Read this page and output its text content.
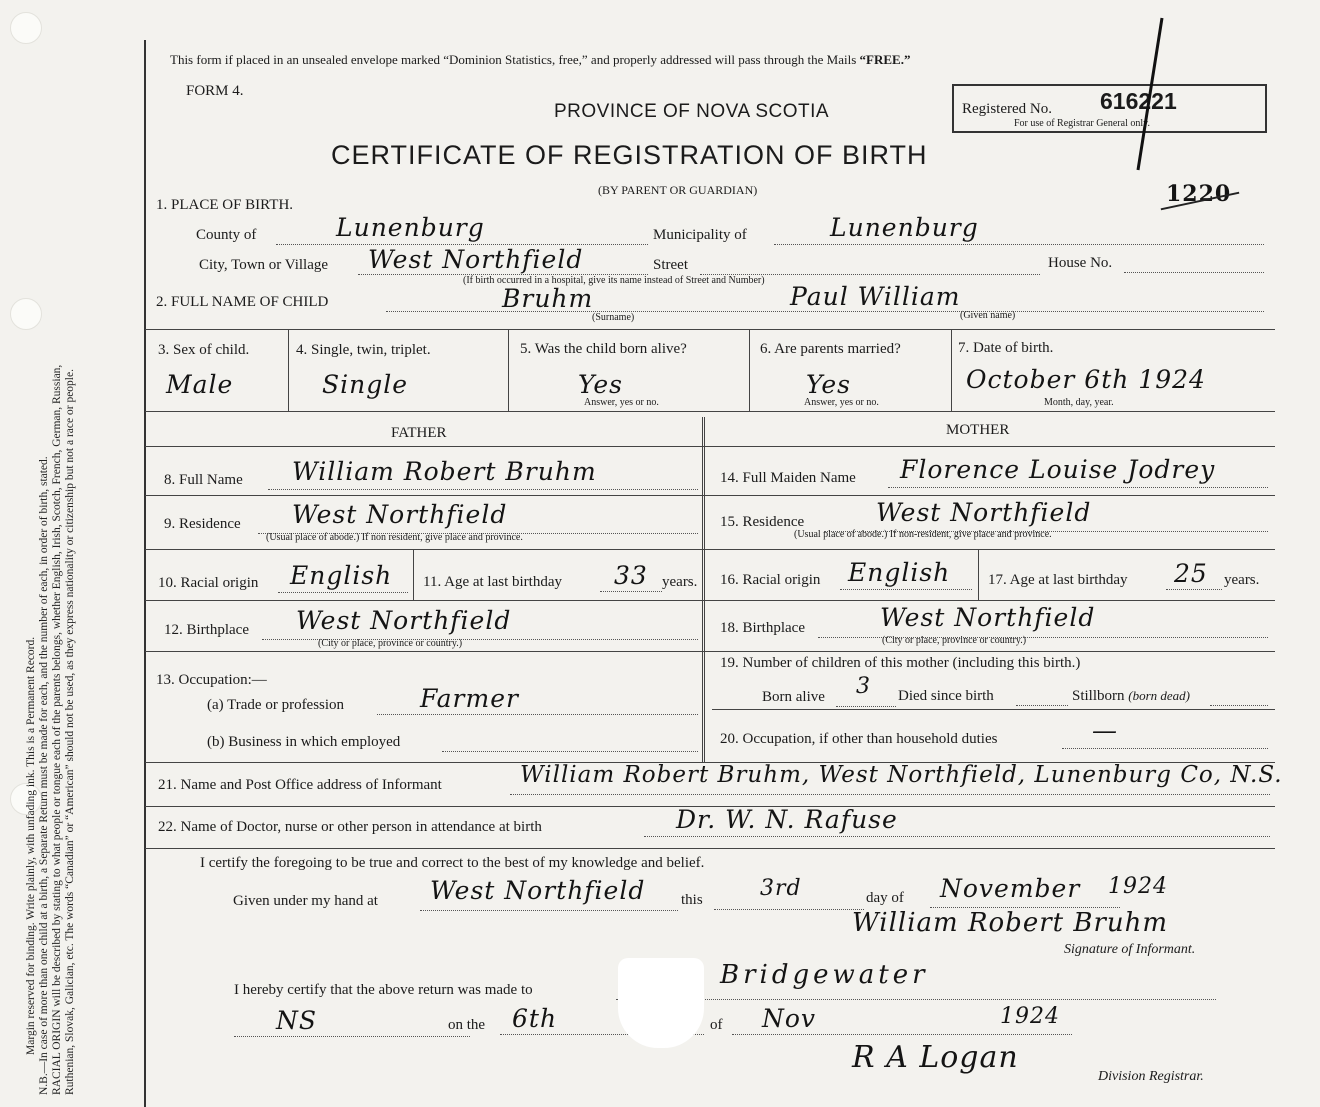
Margin reserved for binding. Write plainly, with unfading ink. This is a Permanent Record. N.B.—In case of more than one child at a birth, a Separate Return must be made for each, and the number of each, in order of birth, stated. RACIAL ORIGIN will be described by stating to what people or tongue each of the parents belongs, whether English, Irish, Scotch, French, German, Russian, Ruthenian, Slovak, Galician, etc. The words “Canadian” or “American” should not be used, as they express nationality or citizenship but not a race or people.
This form if placed in an unsealed envelope marked “Dominion Statistics, free,” and properly addressed will pass through the Mails “FREE.”
FORM 4.
PROVINCE OF NOVA SCOTIA
CERTIFICATE OF REGISTRATION OF BIRTH
(BY PARENT OR GUARDIAN)
Registered No. 616221
For use of Registrar General only.
1220
1. PLACE OF BIRTH.
County of	Lunenburg	Municipality of	Lunenburg
City, Town or Village West Northfield	Street	House No.
(If birth occurred in a hospital, give its name instead of Street and Number)
2. FULL NAME OF CHILD	Bruhm	Paul William
(Surname)	(Given name)
3. Sex of child.
Male
4. Single, twin, triplet.
Single
5. Was the child born alive?
Yes
Answer, yes or no.
6. Are parents married?
Yes
Answer, yes or no.
7. Date of birth.
October 6th 1924
Month, day, year.
FATHER	MOTHER
8. Full Name William Robert Bruhm
9. Residence West Northfield
(Usual place of abode.) If non resident, give place and province.
10. Racial origin English 11. Age at last birthday 33 years.
12. Birthplace West Northfield
(City or place, province or country.)
13. Occupation:—
(a) Trade or profession	Farmer
(b) Business in which employed
14. Full Maiden Name Florence Louise Jodrey
15. Residence	West Northfield
(Usual place of abode.) If non-resident, give place and province.
16. Racial origin English	17. Age at last birthday 25 years.
18. Birthplace	West Northfield
(City or place, province or country.)
19. Number of children of this mother (including this birth.)
Born alive 3 Died since birth	Stillborn (born dead)
20. Occupation, if other than household duties	—
21. Name and Post Office address of Informant	William Robert Bruhm, West Northfield, Lunenburg Co, N.S.
22. Name of Doctor, nurse or other person in attendance at birth	Dr. W. N. Rafuse
I certify the foregoing to be true and correct to the best of my knowledge and belief.
Given under my hand at West Northfield this	3rd	day of November 1924
William Robert Bruhm
Signature of Informant.
I hereby certify that the above return was made to	Bridgewater
NS	on the 6th	of Nov	1924
R A Logan
Division Registrar.
